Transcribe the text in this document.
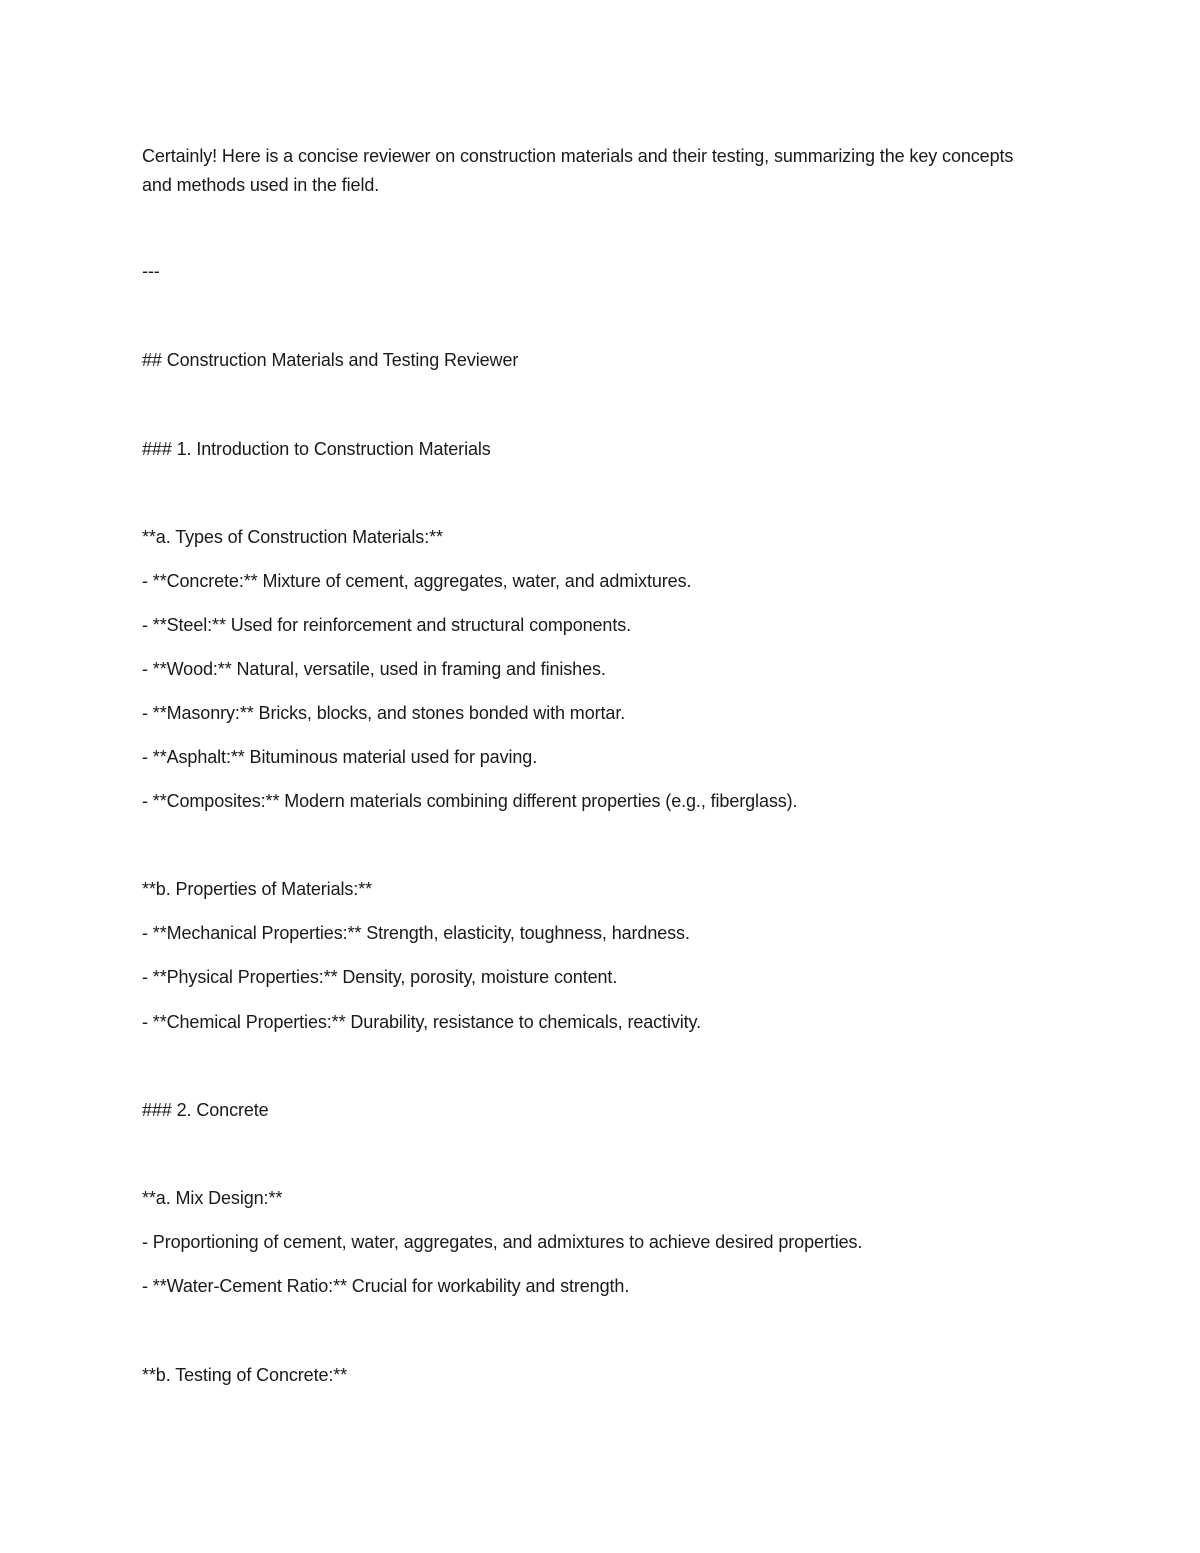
Certainly! Here is a concise reviewer on construction materials and their testing, summarizing the key concepts and methods used in the field.
---
## Construction Materials and Testing Reviewer
### 1. Introduction to Construction Materials
**a. Types of Construction Materials:**
- **Concrete:** Mixture of cement, aggregates, water, and admixtures.
- **Steel:** Used for reinforcement and structural components.
- **Wood:** Natural, versatile, used in framing and finishes.
- **Masonry:** Bricks, blocks, and stones bonded with mortar.
- **Asphalt:** Bituminous material used for paving.
- **Composites:** Modern materials combining different properties (e.g., fiberglass).
**b. Properties of Materials:**
- **Mechanical Properties:** Strength, elasticity, toughness, hardness.
- **Physical Properties:** Density, porosity, moisture content.
- **Chemical Properties:** Durability, resistance to chemicals, reactivity.
### 2. Concrete
**a. Mix Design:**
- Proportioning of cement, water, aggregates, and admixtures to achieve desired properties.
- **Water-Cement Ratio:** Crucial for workability and strength.
**b. Testing of Concrete:**
